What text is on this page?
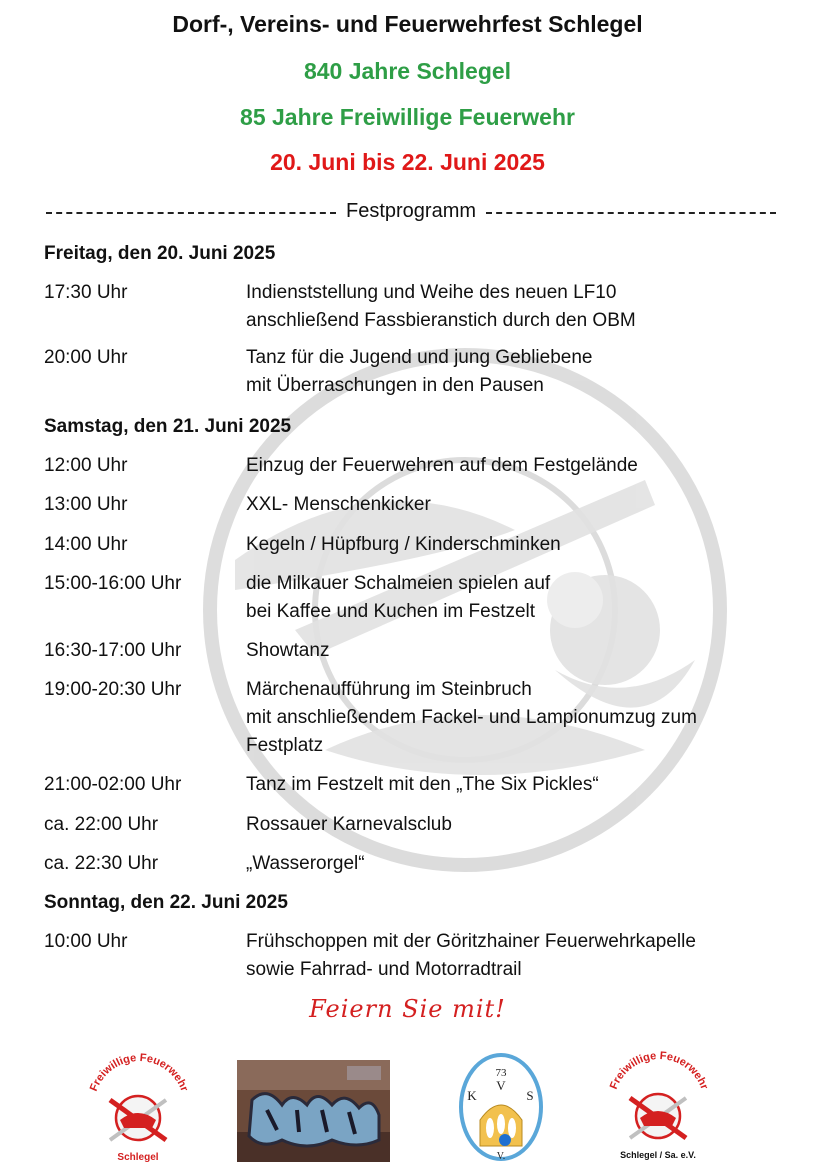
Dorf-, Vereins- und Feuerwehrfest Schlegel
840 Jahre Schlegel
85 Jahre Freiwillige Feuerwehr
20. Juni bis 22. Juni 2025
Festprogramm
Freitag, den 20. Juni 2025
17:30 Uhr	Indienststellung und Weihe des neuen LF10
anschließend Fassbieranstich durch den OBM
20:00 Uhr	Tanz für die Jugend und jung Gebliebene
mit Überraschungen in den Pausen
Samstag, den 21. Juni 2025
12:00 Uhr	Einzug der Feuerwehren auf dem Festgelände
13:00 Uhr	XXL- Menschenkicker
14:00 Uhr	Kegeln / Hüpfburg / Kinderschminken
15:00-16:00 Uhr	die Milkauer Schalmeien spielen auf
bei Kaffee und Kuchen im Festzelt
16:30-17:00 Uhr	Showtanz
19:00-20:30 Uhr	Märchenaufführung im Steinbruch
mit anschließendem Fackel- und Lampionumzug zum
Festplatz
21:00-02:00 Uhr	Tanz im Festzelt mit den „The Six Pickles“
ca. 22:00 Uhr	Rossauer Karnevalsclub
ca. 22:30 Uhr	„Wasserorgel“
Sonntag, den 22. Juni 2025
10:00 Uhr	Frühschoppen mit der Göritzhainer Feuerwehrkapelle
sowie Fahrrad- und Motorradtrail
Feiern Sie mit!
Freiwillige Feuerwehr
Schlegel
73
K
V
S
V.
Freiwillige Feuerwehr
Schlegel / Sa. e.V.
